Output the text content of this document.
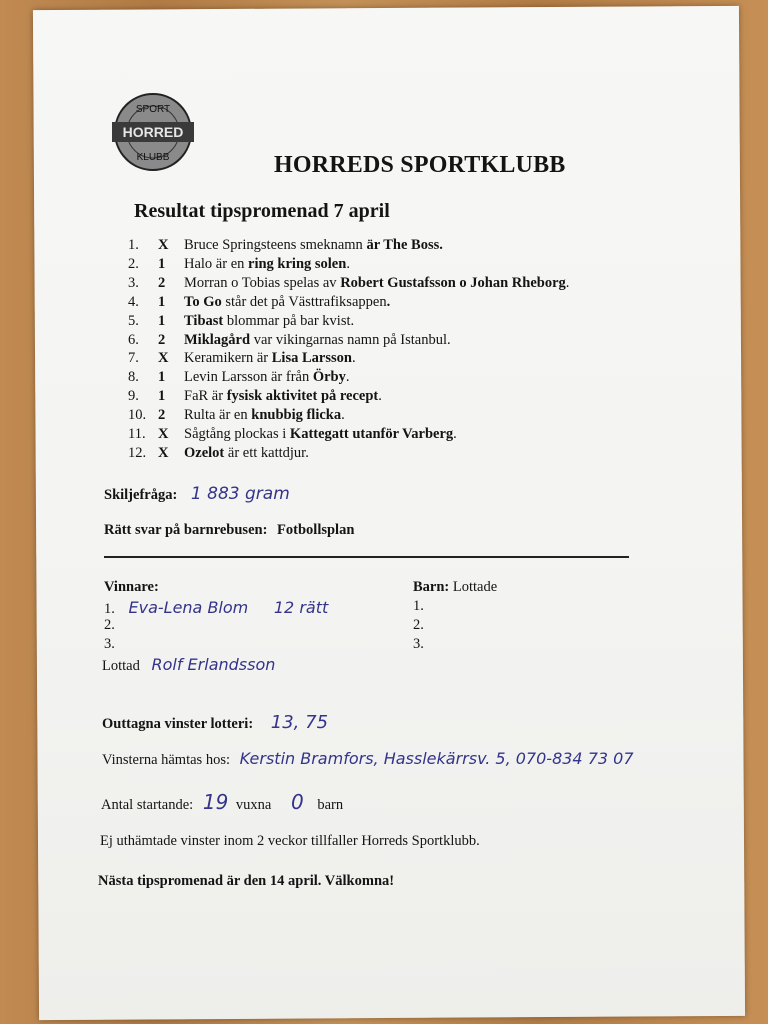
HORRED
SPORT
KLUBB	HORREDS SPORTKLUBB
Resultat tipspromenad 7 april
1. X Bruce Springsteens smeknamn är The Boss.
2. 1 Halo är en ring kring solen.
3. 2 Morran o Tobias spelas av Robert Gustafsson o Johan Rheborg.
4. 1 To Go står det på Västtrafiksappen.
5. 1 Tibast blommar på bar kvist.
6. 2 Miklagård var vikingarnas namn på Istanbul.
7. X Keramikern är Lisa Larsson.
8. 1 Levin Larsson är från Örby.
9. 1 FaR är fysisk aktivitet på recept.
10. 2 Rulta är en knubbig flicka.
11. X Sågtång plockas i Kattegatt utanför Varberg.
12. X Ozelot är ett kattdjur.
Skiljefråga: 1 883 gram
Rätt svar på barnrebusen: Fotbollsplan
Vinnare:
1. Eva-Lena Blom 12 rätt
2.
3.
Lottad Rolf Erlandsson
Barn: Lottade
1.
2.
3.
Outtagna vinster lotteri: 13, 75
Vinsterna hämtas hos: Kerstin Bramfors, Hasslekärrsv. 5, 070-834 73 07
Antal startande: 19 vuxna 0 barn
Ej uthämtade vinster inom 2 veckor tillfaller Horreds Sportklubb.
Nästa tipspromenad är den 14 april. Välkomna!
